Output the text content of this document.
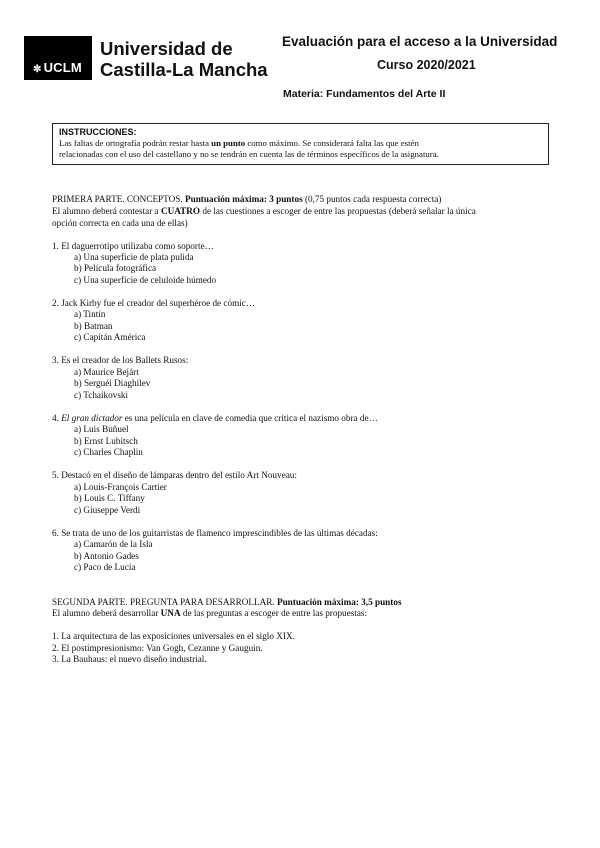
✼ UCLM
Universidad de
Castilla-La Mancha
Evaluación para el acceso a la Universidad
Curso 2020/2021
Materia: Fundamentos del Arte II
INSTRUCCIONES:
Las faltas de ortografía podrán restar hasta un punto como máximo. Se considerará falta las que estén
relacionadas con el uso del castellano y no se tendrán en cuenta las de términos específicos de la asignatura.
PRIMERA PARTE. CONCEPTOS. Puntuación máxima: 3 puntos (0,75 puntos cada respuesta correcta)
El alumno deberá contestar a CUATRO de las cuestiones a escoger de entre las propuestas (deberá señalar la única
opción correcta en cada una de ellas)
1. El daguerrotipo utilizaba como soporte…
a) Una superficie de plata pulida
b) Película fotográfica
c) Una superficie de celuloide húmedo
2. Jack Kirby fue el creador del superhéroe de cómic…
a) Tintín
b) Batman
c) Capitán América
3. Es el creador de los Ballets Rusos:
a) Maurice Bejárt
b) Serguéi Diaghilev
c) Tchaikovski
4. El gran dictador es una película en clave de comedia que critica el nazismo obra de…
a) Luis Buñuel
b) Ernst Lubitsch
c) Charles Chaplin
5. Destacó en el diseño de lámparas dentro del estilo Art Nouveau:
a) Louis-François Cartier
b) Louis C. Tiffany
c) Giuseppe Verdi
6. Se trata de uno de los guitarristas de flamenco imprescindibles de las últimas décadas:
a) Camarón de la Isla
b) Antonio Gades
c) Paco de Lucía
SEGUNDA PARTE. PREGUNTA PARA DESARROLLAR. Puntuación máxima: 3,5 puntos
El alumno deberá desarrollar UNA de las preguntas a escoger de entre las propuestas:
1. La arquitectura de las exposiciones universales en el siglo XIX.
2. El postimpresionismo: Van Gogh, Cezanne y Gauguin.
3. La Bauhaus: el nuevo diseño industrial.
